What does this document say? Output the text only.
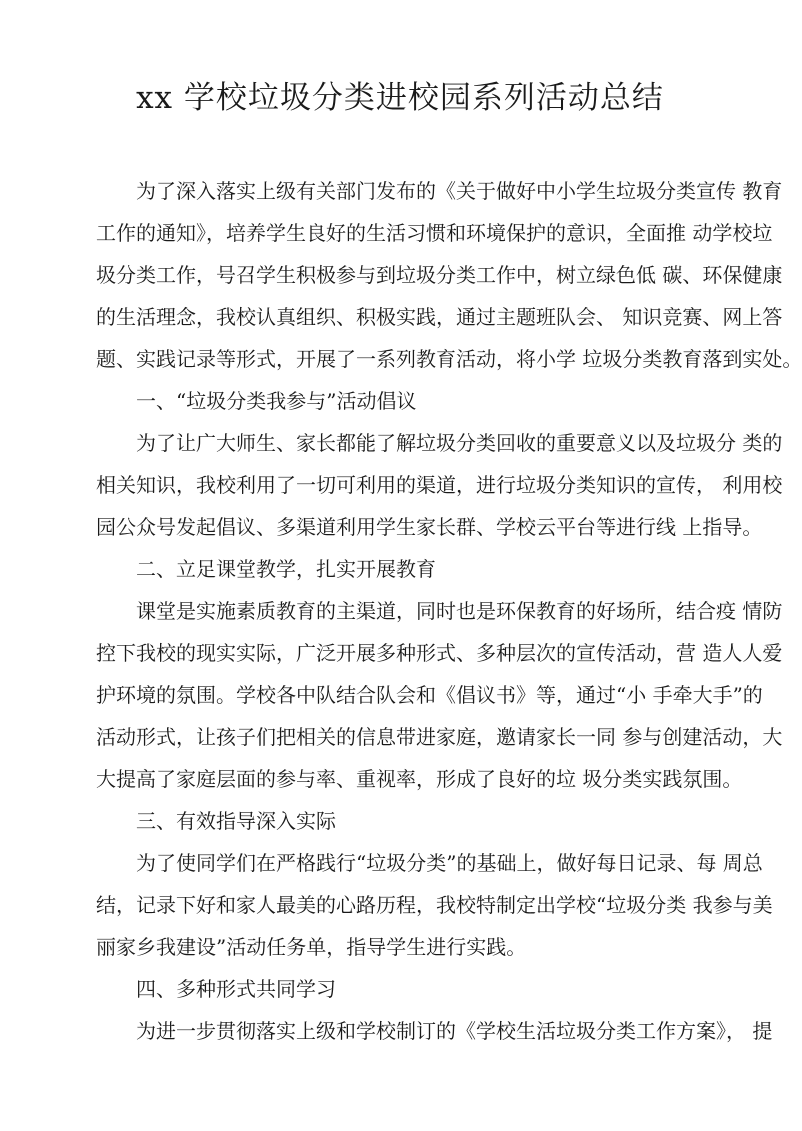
xx 学校垃圾分类进校园系列活动总结
为了深入落实上级有关部门发布的《关于做好中小学生垃圾分类宣传 教育
工作的通知》，培养学生良好的生活习惯和环境保护的意识，全面推 动学校垃
圾分类工作，号召学生积极参与到垃圾分类工作中，树立绿色低 碳、环保健康
的生活理念，我校认真组织、积极实践，通过主题班队会、 知识竞赛、网上答
题、实践记录等形式，开展了一系列教育活动，将小学 垃圾分类教育落到实处。
一、“垃圾分类我参与”活动倡议
为了让广大师生、家长都能了解垃圾分类回收的重要意义以及垃圾分 类的
相关知识，我校利用了一切可利用的渠道，进行垃圾分类知识的宣传， 利用校
园公众号发起倡议、多渠道利用学生家长群、学校云平台等进行线 上指导。
二、立足课堂教学，扎实开展教育
课堂是实施素质教育的主渠道，同时也是环保教育的好场所，结合疫 情防
控下我校的现实实际，广泛开展多种形式、多种层次的宣传活动，营 造人人爱
护环境的氛围。学校各中队结合队会和《倡议书》等，通过“小 手牵大手”的
活动形式，让孩子们把相关的信息带进家庭，邀请家长一同 参与创建活动，大
大提高了家庭层面的参与率、重视率，形成了良好的垃 圾分类实践氛围。
三、有效指导深入实际
为了使同学们在严格践行“垃圾分类”的基础上，做好每日记录、每 周总
结，记录下好和家人最美的心路历程，我校特制定出学校“垃圾分类 我参与美
丽家乡我建设”活动任务单，指导学生进行实践。
四、多种形式共同学习
为进一步贯彻落实上级和学校制订的《学校生活垃圾分类工作方案》， 提
